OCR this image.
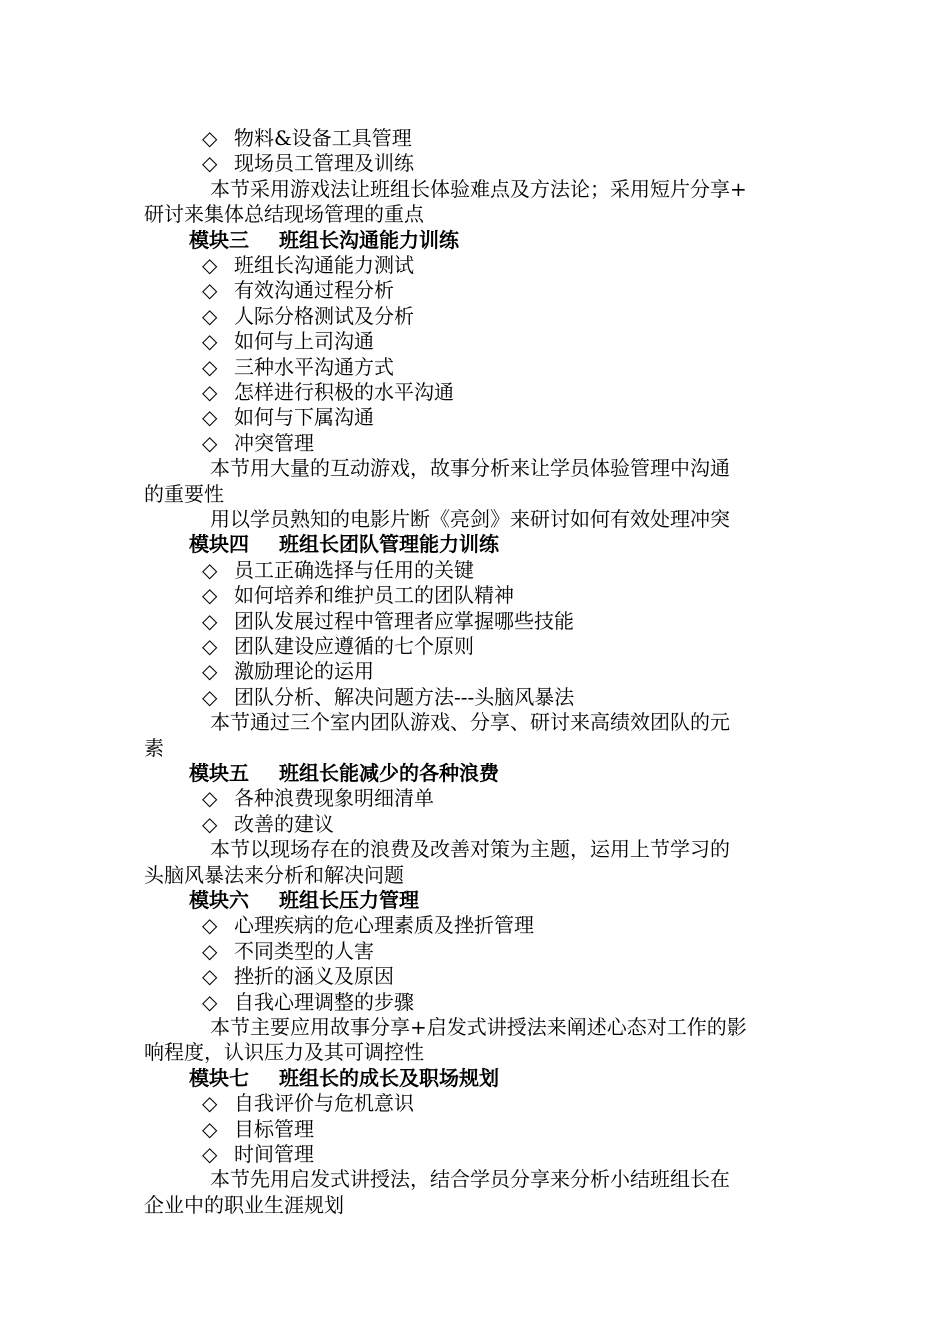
◇ 物料&设备工具管理
◇ 现场员工管理及训练
本节采用游戏法让班组长体验难点及方法论；采用短片分享+
研讨来集体总结现场管理的重点
模块三 班组长沟通能力训练
◇ 班组长沟通能力测试
◇ 有效沟通过程分析
◇ 人际分格测试及分析
◇ 如何与上司沟通
◇ 三种水平沟通方式
◇ 怎样进行积极的水平沟通
◇ 如何与下属沟通
◇ 冲突管理
本节用大量的互动游戏，故事分析来让学员体验管理中沟通
的重要性
用以学员熟知的电影片断《亮剑》来研讨如何有效处理冲突
模块四 班组长团队管理能力训练
◇ 员工正确选择与任用的关键
◇ 如何培养和维护员工的团队精神
◇ 团队发展过程中管理者应掌握哪些技能
◇ 团队建设应遵循的七个原则
◇ 激励理论的运用
◇ 团队分析、解决问题方法---头脑风暴法
本节通过三个室内团队游戏、分享、研讨来高绩效团队的元
素
模块五 班组长能减少的各种浪费
◇ 各种浪费现象明细清单
◇ 改善的建议
本节以现场存在的浪费及改善对策为主题，运用上节学习的
头脑风暴法来分析和解决问题
模块六 班组长压力管理
◇ 心理疾病的危心理素质及挫折管理
◇ 不同类型的人害
◇ 挫折的涵义及原因
◇ 自我心理调整的步骤
本节主要应用故事分享+启发式讲授法来阐述心态对工作的影
响程度，认识压力及其可调控性
模块七 班组长的成长及职场规划
◇ 自我评价与危机意识
◇ 目标管理
◇ 时间管理
本节先用启发式讲授法，结合学员分享来分析小结班组长在
企业中的职业生涯规划
